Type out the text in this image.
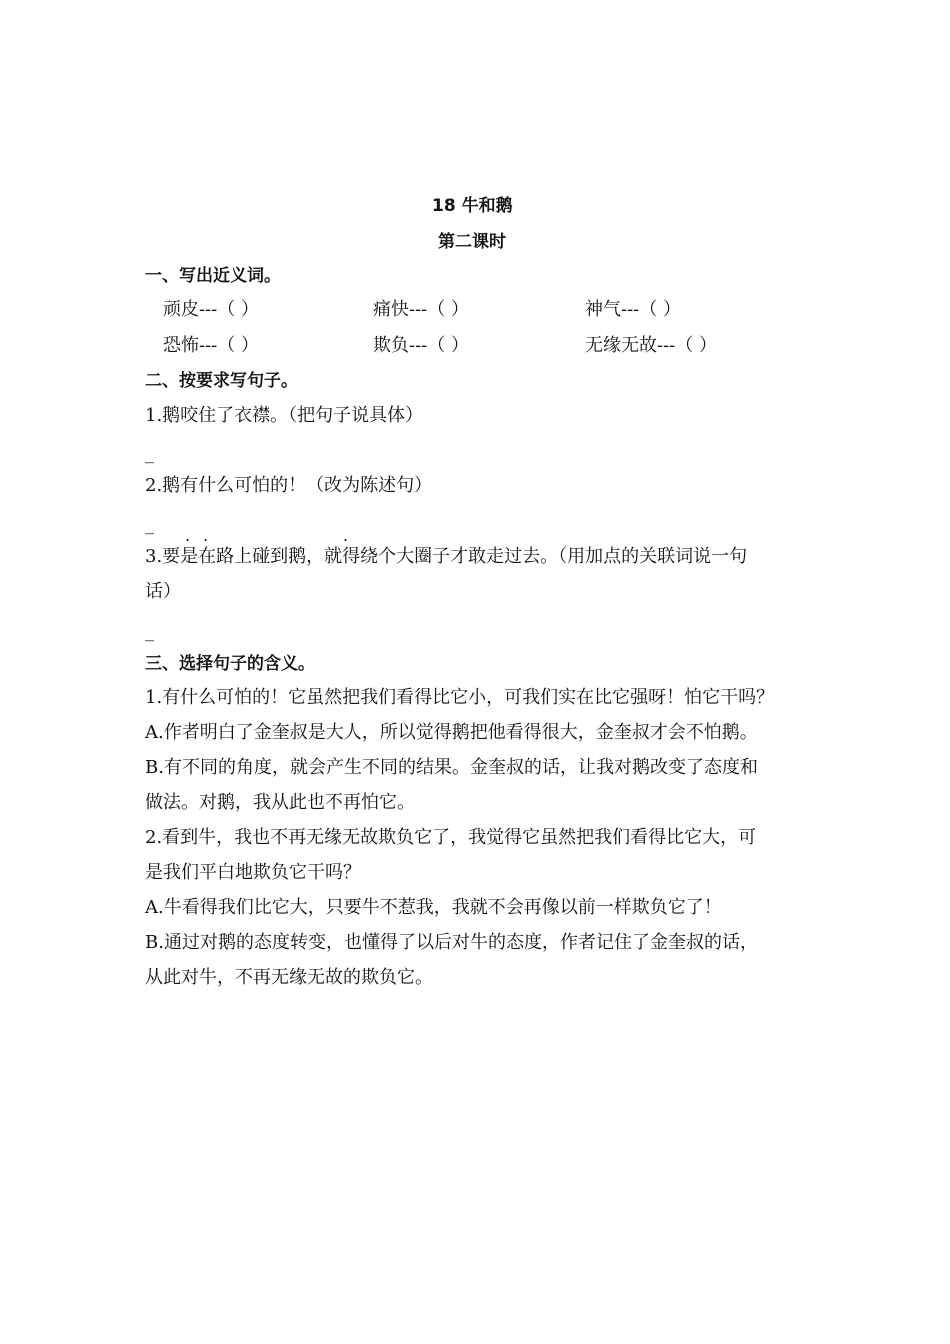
18 牛和鹅
第二课时
一、写出近义词。
顽皮---（ ）	痛快---（ ）	神气---（ ）
恐怖---（ ）	欺负---（ ）	无缘无故---（ ）
二、按要求写句子。
1.鹅咬住了衣襟。（把句子说具体）
_
2.鹅有什么可怕的！（改为陈述句）
_
. .	.
3.要是在路上碰到鹅，就得绕个大圈子才敢走过去。（用加点的关联词说一句
话）
_
三、选择句子的含义。
1.有什么可怕的！它虽然把我们看得比它小，可我们实在比它强呀！怕它干吗？
A.作者明白了金奎叔是大人，所以觉得鹅把他看得很大，金奎叔才会不怕鹅。
B.有不同的角度，就会产生不同的结果。金奎叔的话，让我对鹅改变了态度和
做法。对鹅，我从此也不再怕它。
2.看到牛，我也不再无缘无故欺负它了，我觉得它虽然把我们看得比它大，可
是我们平白地欺负它干吗？
A.牛看得我们比它大，只要牛不惹我，我就不会再像以前一样欺负它了！
B.通过对鹅的态度转变，也懂得了以后对牛的态度，作者记住了金奎叔的话，
从此对牛，不再无缘无故的欺负它。
